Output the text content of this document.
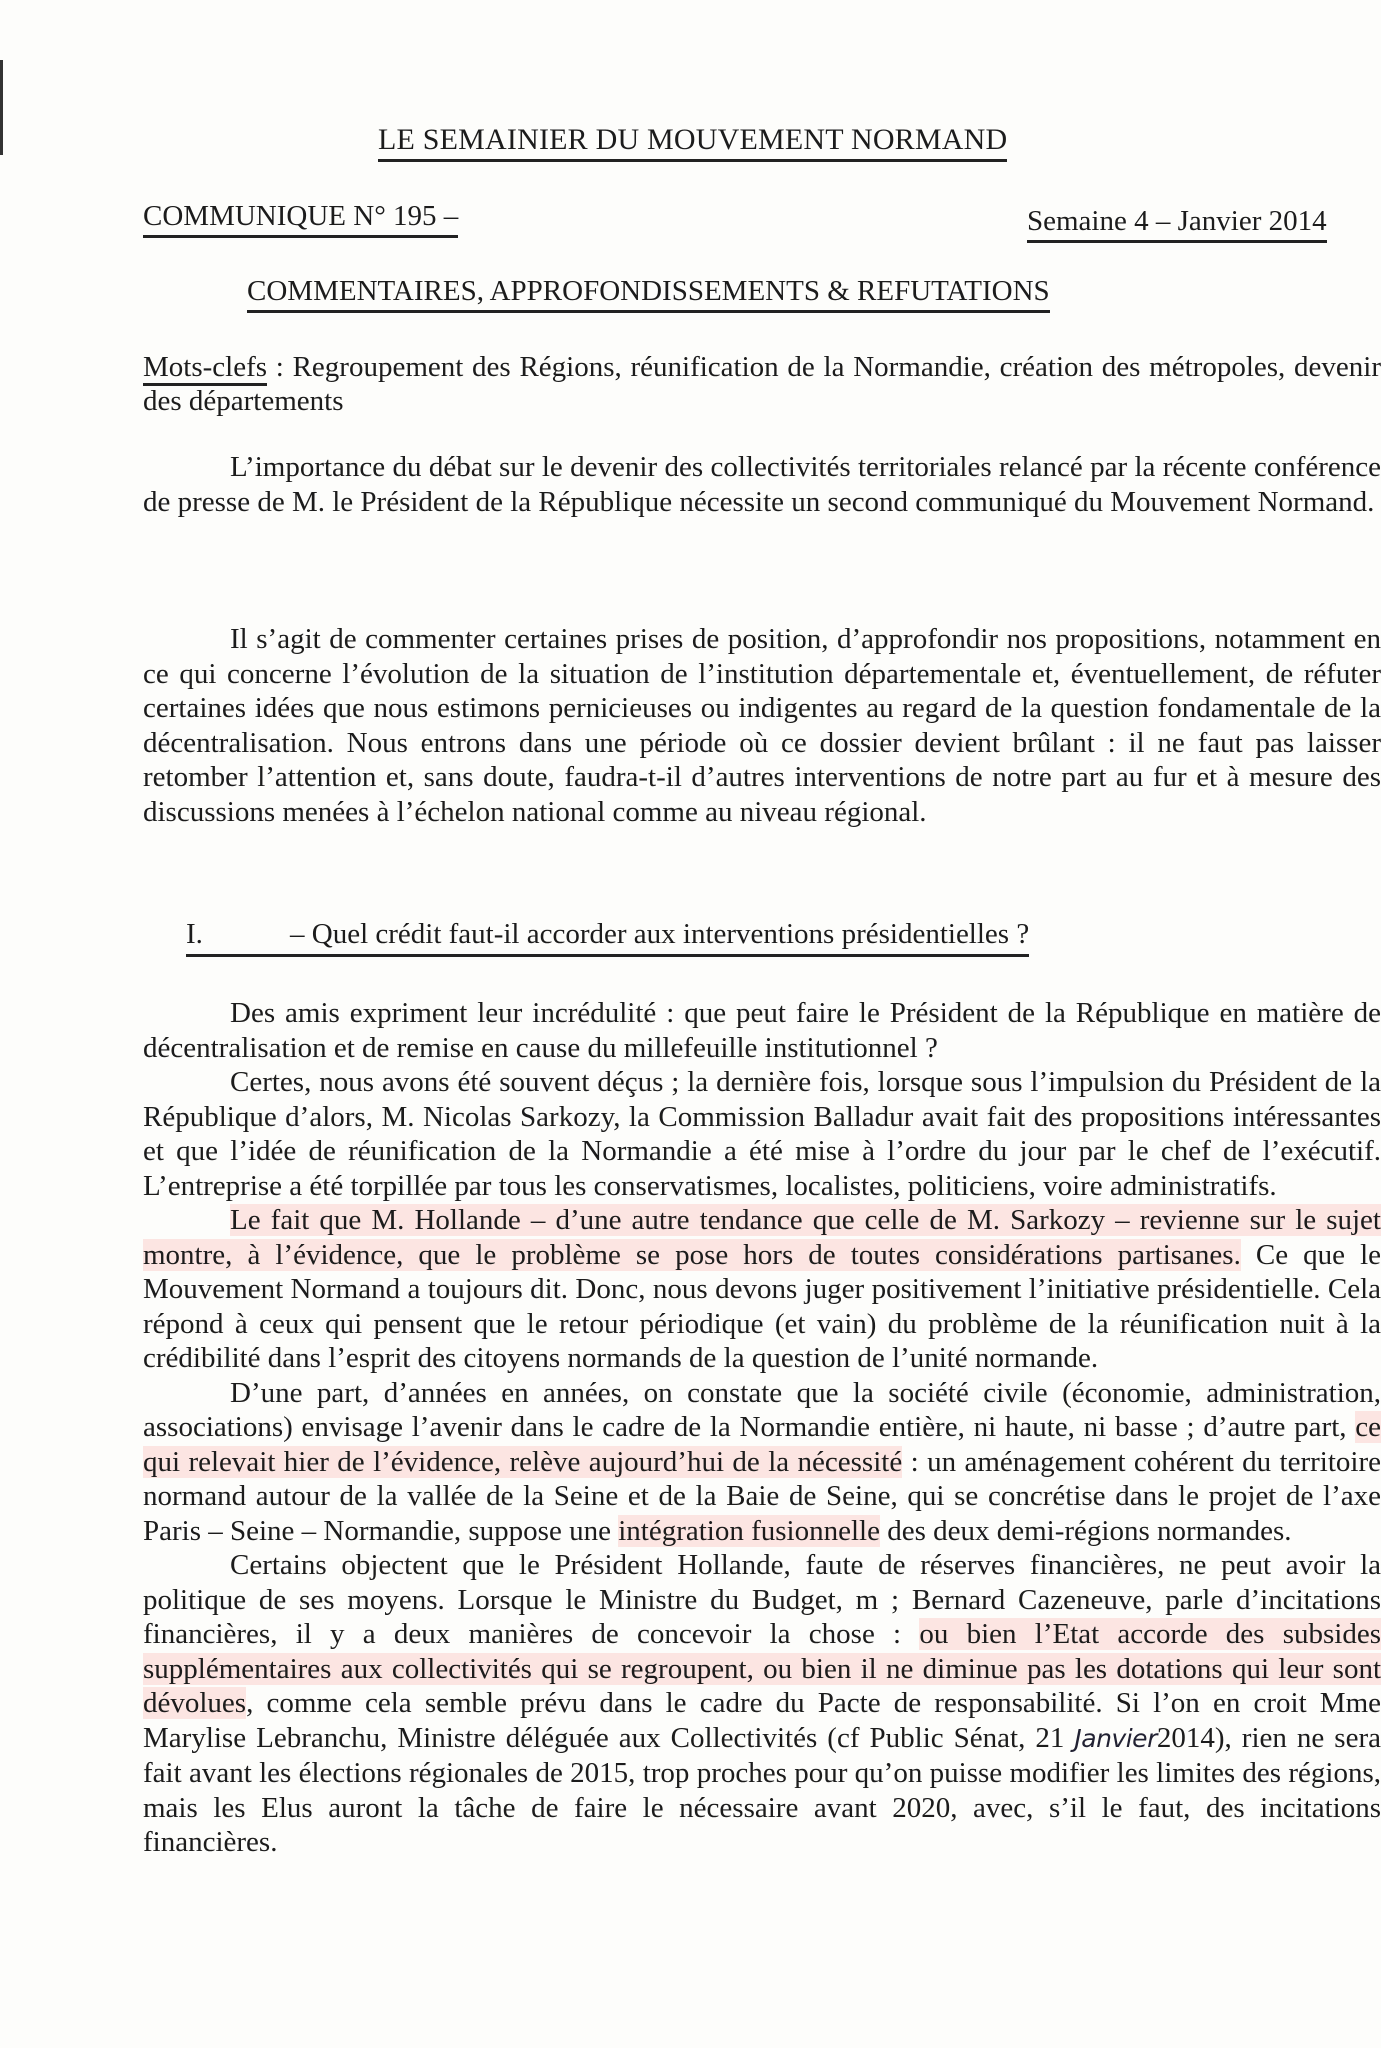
LE SEMAINIER DU MOUVEMENT NORMAND
COMMUNIQUE N° 195 –	Semaine 4 – Janvier 2014
COMMENTAIRES, APPROFONDISSEMENTS & REFUTATIONS
Mots-clefs : Regroupement des Régions, réunification de la Normandie, création des métropoles, devenir des départements

L’importance du débat sur le devenir des collectivités territoriales relancé par la récente conférence de presse de M. le Président de la République nécessite un second communiqué du Mouvement Normand.

Il s’agit de commenter certaines prises de position, d’approfondir nos propositions, notamment en ce qui concerne l’évolution de la situation de l’institution départementale et, éventuellement, de réfuter certaines idées que nous estimons pernicieuses ou indigentes au regard de la question fondamentale de la décentralisation. Nous entrons dans une période où ce dossier devient brûlant : il ne faut pas laisser retomber l’attention et, sans doute, faudra-t-il d’autres interventions de notre part au fur et à mesure des discussions menées à l’échelon national comme au niveau régional.

I.	– Quel crédit faut-il accorder aux interventions présidentielles ?

Des amis expriment leur incrédulité : que peut faire le Président de la République en matière de décentralisation et de remise en cause du millefeuille institutionnel ?

Certes, nous avons été souvent déçus ; la dernière fois, lorsque sous l’impulsion du Président de la République d’alors, M. Nicolas Sarkozy, la Commission Balladur avait fait des propositions intéressantes et que l’idée de réunification de la Normandie a été mise à l’ordre du jour par le chef de l’exécutif. L’entreprise a été torpillée par tous les conservatismes, localistes, politiciens, voire administratifs.

Le fait que M. Hollande – d’une autre tendance que celle de M. Sarkozy – revienne sur le sujet montre, à l’évidence, que le problème se pose hors de toutes considérations partisanes. Ce que le Mouvement Normand a toujours dit. Donc, nous devons juger positivement l’initiative présidentielle. Cela répond à ceux qui pensent que le retour périodique (et vain) du problème de la réunification nuit à la crédibilité dans l’esprit des citoyens normands de la question de l’unité normande.

D’une part, d’années en années, on constate que la société civile (économie, administration, associations) envisage l’avenir dans le cadre de la Normandie entière, ni haute, ni basse ; d’autre part, ce qui relevait hier de l’évidence, relève aujourd’hui de la nécessité : un aménagement cohérent du territoire normand autour de la vallée de la Seine et de la Baie de Seine, qui se concrétise dans le projet de l’axe Paris – Seine – Normandie, suppose une intégration fusionnelle des deux demi-régions normandes.

Certains objectent que le Président Hollande, faute de réserves financières, ne peut avoir la politique de ses moyens. Lorsque le Ministre du Budget, m ; Bernard Cazeneuve, parle d’incitations financières, il y a deux manières de concevoir la chose : ou bien l’Etat accorde des subsides supplémentaires aux collectivités qui se regroupent, ou bien il ne diminue pas les dotations qui leur sont dévolues, comme cela semble prévu dans le cadre du Pacte de responsabilité. Si l’on en croit Mme Marylise Lebranchu, Ministre déléguée aux Collectivités (cf Public Sénat, 21 Janvier2014), rien ne sera fait avant les élections régionales de 2015, trop proches pour qu’on puisse modifier les limites des régions, mais les Elus auront la tâche de faire le nécessaire avant 2020, avec, s’il le faut, des incitations financières.
